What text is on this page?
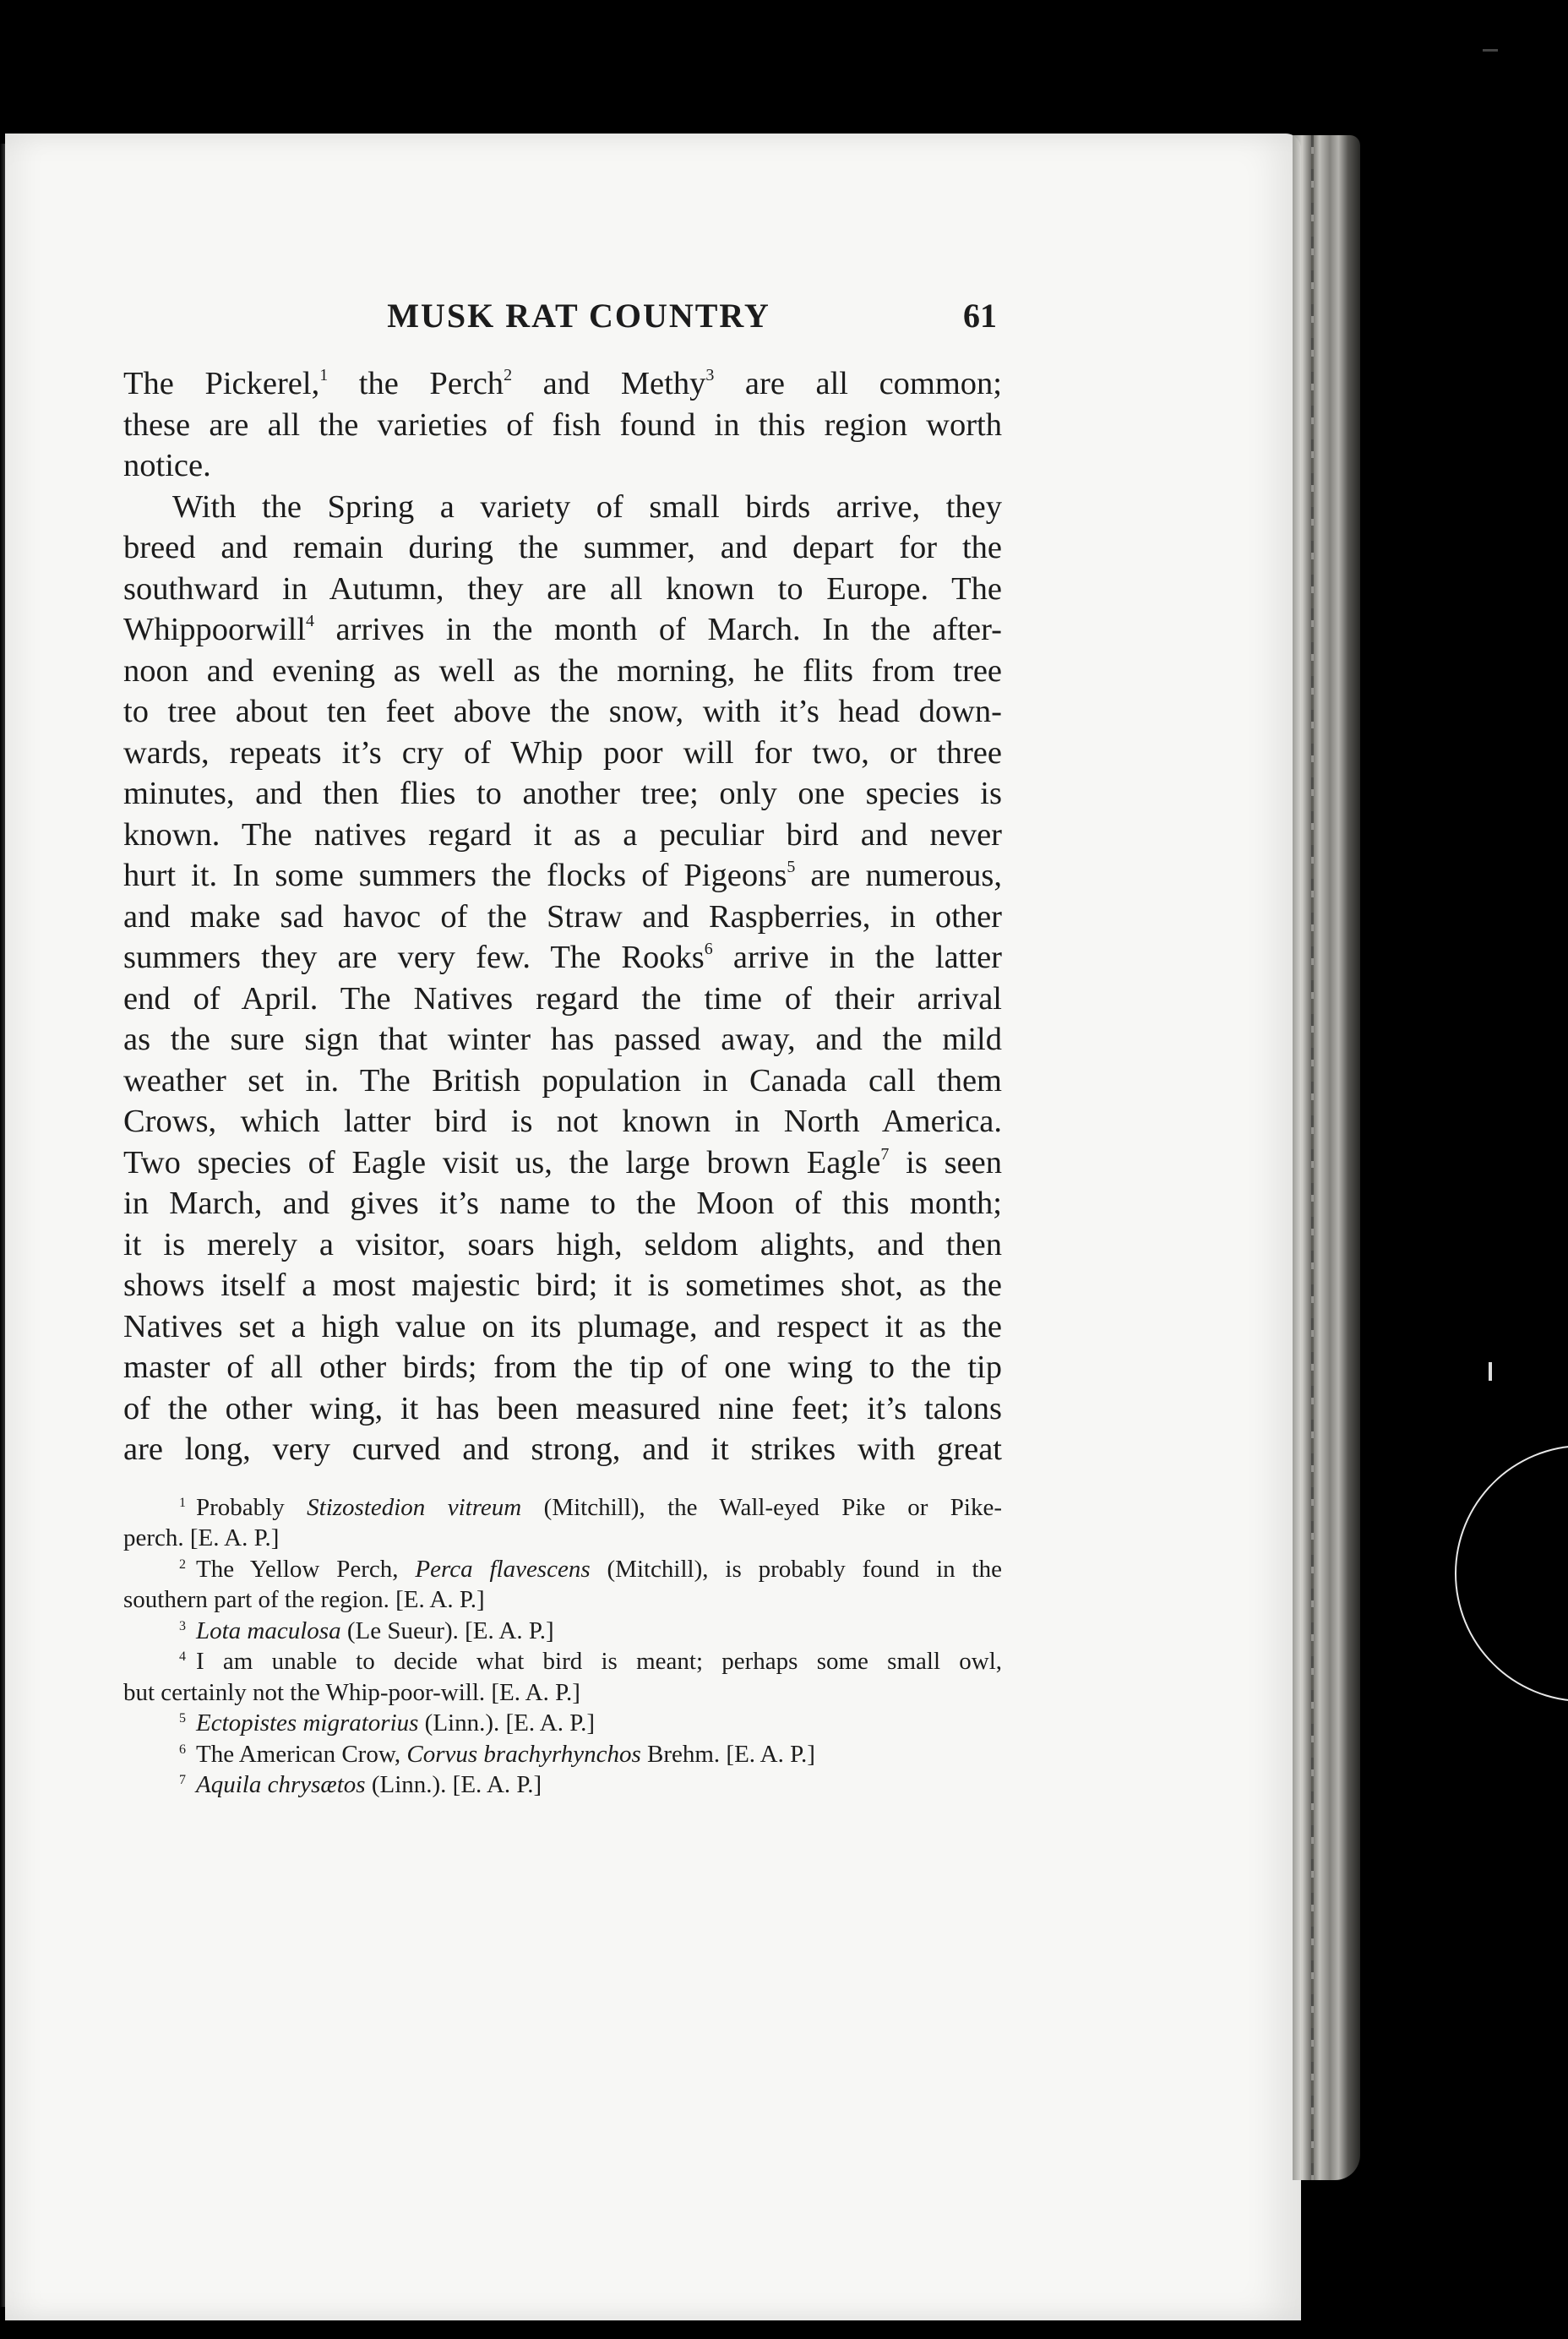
MUSK RAT COUNTRY	61
The Pickerel,$^1$ the Perch$^2$ and Methy$^3$ are all common;
these are all the varieties of fish found in this region worth
notice.
With the Spring a variety of small birds arrive, they
breed and remain during the summer, and depart for the
southward in Autumn, they are all known to Europe. The
Whippoorwill$^4$ arrives in the month of March. In the after-
noon and evening as well as the morning, he flits from tree
to tree about ten feet above the snow, with it’s head down-
wards, repeats it’s cry of Whip poor will for two, or three
minutes, and then flies to another tree; only one species is
known. The natives regard it as a peculiar bird and never
hurt it. In some summers the flocks of Pigeons$^5$ are numerous,
and make sad havoc of the Straw and Raspberries, in other
summers they are very few. The Rooks$^6$ arrive in the latter
end of April. The Natives regard the time of their arrival
as the sure sign that winter has passed away, and the mild
weather set in. The British population in Canada call them
Crows, which latter bird is not known in North America.
Two species of Eagle visit us, the large brown Eagle$^7$ is seen
in March, and gives it’s name to the Moon of this month;
it is merely a visitor, soars high, seldom alights, and then
shows itself a most majestic bird; it is sometimes shot, as the
Natives set a high value on its plumage, and respect it as the
master of all other birds; from the tip of one wing to the tip
of the other wing, it has been measured nine feet; it’s talons
are long, very curved and strong, and it strikes with great
$^1$ Probably Stizostedion vitreum (Mitchill), the Wall-eyed Pike or Pike-
perch. [E. A. P.]
$^2$ The Yellow Perch, Perca flavescens (Mitchill), is probably found in the
southern part of the region. [E. A. P.]
$^3$ Lota maculosa (Le Sueur). [E. A. P.]
$^4$ I am unable to decide what bird is meant; perhaps some small owl,
but certainly not the Whip-poor-will. [E. A. P.]
$^5$ Ectopistes migratorius (Linn.). [E. A. P.]
$^6$ The American Crow, Corvus brachyrhynchos Brehm. [E. A. P.]
$^7$ Aquila chrysætos (Linn.). [E. A. P.]
